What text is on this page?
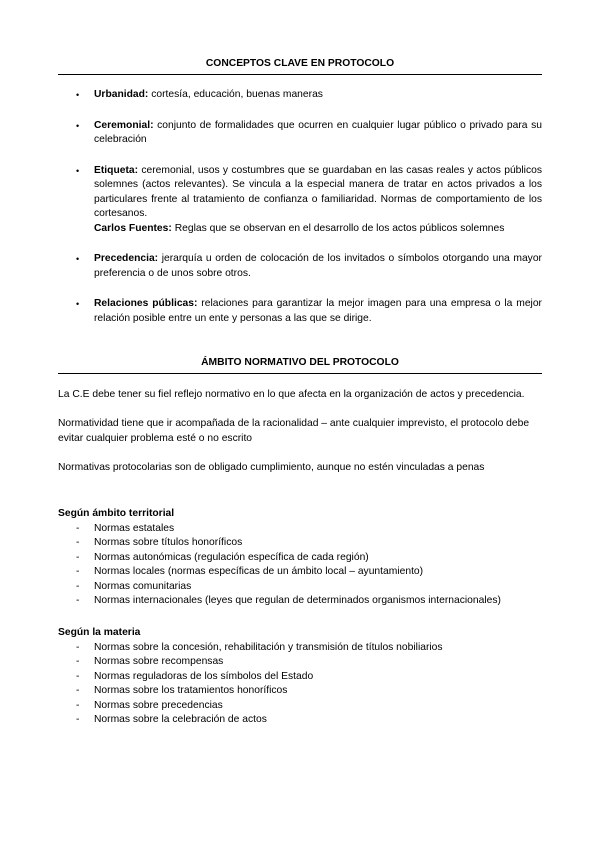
CONCEPTOS CLAVE EN PROTOCOLO
• Urbanidad: cortesía, educación, buenas maneras
• Ceremonial: conjunto de formalidades que ocurren en cualquier lugar público o privado para su celebración
• Etiqueta: ceremonial, usos y costumbres que se guardaban en las casas reales y actos públicos solemnes (actos relevantes). Se vincula a la especial manera de tratar en actos privados a los particulares frente al tratamiento de confianza o familiaridad. Normas de comportamiento de los cortesanos.
Carlos Fuentes: Reglas que se observan en el desarrollo de los actos públicos solemnes
• Precedencia: jerarquía u orden de colocación de los invitados o símbolos otorgando una mayor preferencia o de unos sobre otros.
• Relaciones públicas: relaciones para garantizar la mejor imagen para una empresa o la mejor relación posible entre un ente y personas a las que se dirige.
ÁMBITO NORMATIVO DEL PROTOCOLO

La C.E debe tener su fiel reflejo normativo en lo que afecta en la organización de actos y precedencia.

Normatividad tiene que ir acompañada de la racionalidad – ante cualquier imprevisto, el protocolo debe evitar cualquier problema esté o no escrito

Normativas protocolarias son de obligado cumplimiento, aunque no estén vinculadas a penas

Según ámbito territorial

- Normas estatales
- Normas sobre títulos honoríficos
- Normas autonómicas (regulación específica de cada región)
- Normas locales (normas específicas de un ámbito local – ayuntamiento)
- Normas comunitarias
- Normas internacionales (leyes que regulan de determinados organismos internacionales)

Según la materia

- Normas sobre la concesión, rehabilitación y transmisión de títulos nobiliarios
- Normas sobre recompensas
- Normas reguladoras de los símbolos del Estado
- Normas sobre los tratamientos honoríficos
- Normas sobre precedencias
- Normas sobre la celebración de actos
